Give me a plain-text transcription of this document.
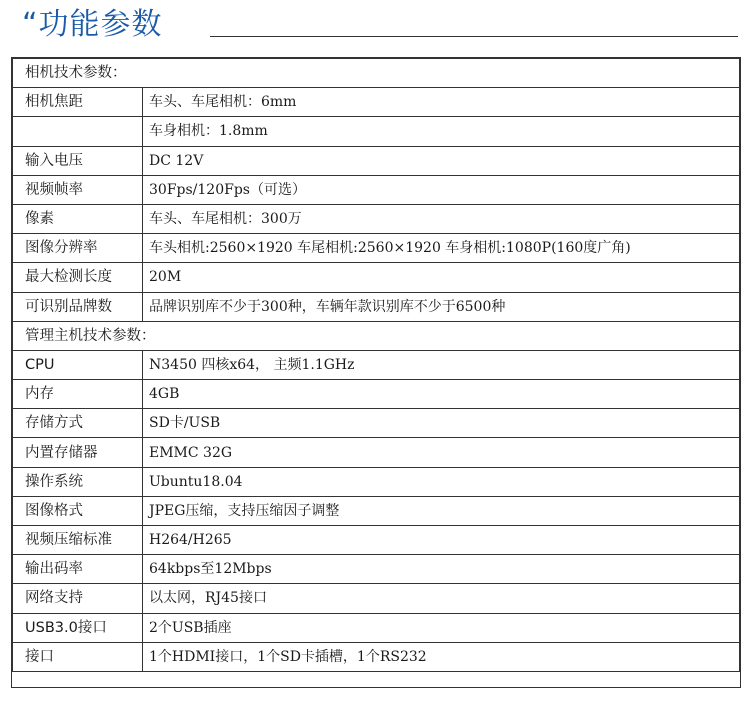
“功能参数
相机技术参数：	
相机焦距	车头、车尾相机：6mm
	车身相机：1.8mm
输入电压	DC 12V
视频帧率	30Fps/120Fps（可选）
像素	车头、车尾相机：300万
图像分辨率	车头相机:2560×1920 车尾相机:2560×1920 车身相机:1080P(160度广角)
最大检测长度	20M
可识别品牌数	品牌识别库不少于300种，车辆年款识别库不少于6500种
管理主机技术参数：	
CPU	N3450 四核x64， 主频1.1GHz
内存	4GB
存储方式	SD卡/USB
内置存储器	EMMC 32G
操作系统	Ubuntu18.04
图像格式	JPEG压缩，支持压缩因子调整
视频压缩标准	H264/H265
输出码率	64kbps至12Mbps
网络支持	以太网，RJ45接口
USB3.0接口	2个USB插座
接口	1个HDMI接口，1个SD卡插槽，1个RS232
